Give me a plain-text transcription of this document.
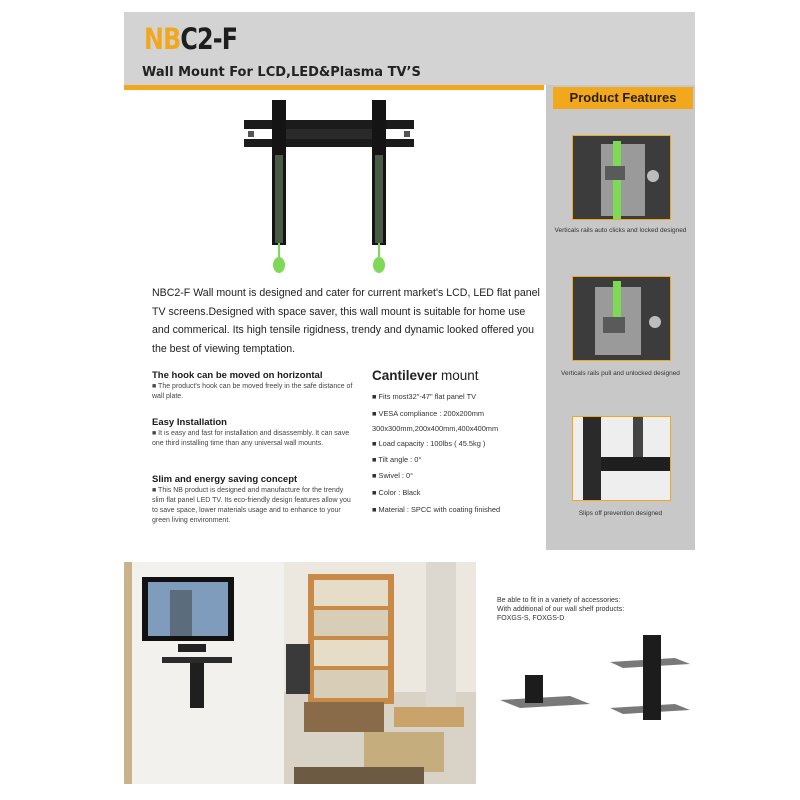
NBC2-F
Wall Mount For LCD,LED&Plasma TV’S
Product Features
Verticals rails auto clicks and locked designed
Verticals rails pull and unlocked designed
Slips off prevention designed
NBC2-F Wall mount is designed and cater for current market's LCD, LED flat panel TV screens.Designed with space saver, this wall mount is suitable for home use and commerical. Its high tensile rigidness, trendy and dynamic looked offered you the best of viewing temptation.
The hook can be moved on horizontal
■ The product's hook can be moved freely in the safe distance of wall plate.
Easy Installation
■ It is easy and fast for installation and disassembly. It can save one third installing time than any universal wall mounts.
Slim and energy saving concept
■ This NB product is designed and manufacture for the trendy slim flat panel LED TV. Its eco-friendly design features allow you to save space, lower materials usage and to enhance to your green living environment.
Cantilever mount
■ Fits most32"-47" flat panel TV
■ VESA compliance : 200x200mm
300x300mm,200x400mm,400x400mm
■ Load capacity : 100lbs ( 45.5kg )
■ Tilt angle : 0°
■ Swivel : 0°
■ Color : Black
■ Material : SPCC with coating finished
Be able to fit in a variety of accessories:
With additional of our wall shelf products:
FOXGS-S, FOXGS-D
